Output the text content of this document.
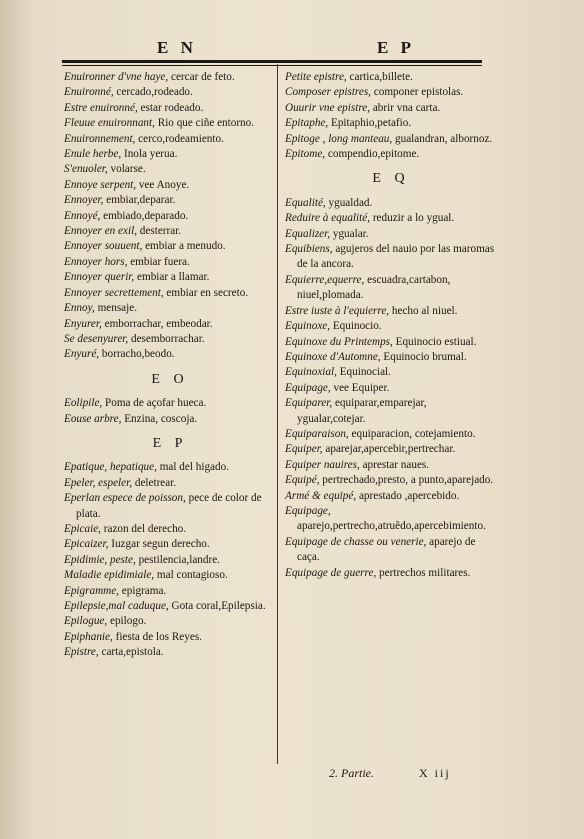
E N	E P
Enuironner d'vne haye, cercar de feto.
Enuironné, cercado,rodeado.
Estre enuironné, estar rodeado.
Fleuue enuironnant, Rio que ciñe entorno.
Enuironnement, cerco,rodeamiento.
Enule herbe, Inola yerua.
S'enuoler, volarse.
Ennoye serpent, vee Anoye.
Ennoyer, embiar,deparar.
Ennoyé, embiado,deparado.
Ennoyer en exil, desterrar.
Ennoyer souuent, embiar a menudo.
Ennoyer hors, embiar fuera.
Ennoyer querir, embiar a llamar.
Ennoyer secrettement, embiar en secreto.
Ennoy, mensaje.
Enyurer, emborrachar, embeodar.
Se desenyurer, desemborrachar.
Enyuré, borracho,beodo.
E O
Eolipile, Poma de açofar hueca.
Eouse arbre, Enzina, coscoja.
E P
Epatique, hepatique, mal del higado.
Epeler, espeler, deletrear.
Eperlan espece de poisson, pece de color de plata.
Epicaie, razon del derecho.
Epicaizer, Iuzgar segun derecho.
Epidimie, peste, pestilencia,landre.
Maladie epidimiale, mal contagioso.
Epigramme, epigrama.
Epilepsie,mal caduque, Gota coral,Epilepsia.
Epilogue, epilogo.
Epiphanie, fiesta de los Reyes.
Epistre, carta,epistola.
Petite epistre, cartica,billete.
Composer epistres, componer epistolas.
Ouurir vne epistre, abrir vna carta.
Epitaphe, Epitaphio,petafio.
Epitoge , long manteau, gualandran, albornoz.
Epitome, compendio,epitome.
E Q
Equalité, ygualdad.
Reduire à equalité, reduzir a lo ygual.
Equalizer, ygualar.
Equibiens, agujeros del nauio por las maromas de la ancora.
Equierre,equerre, escuadra,cartabon, niuel,plomada.
Estre iuste à l'equierre, hecho al niuel.
Equinoxe, Equinocio.
Equinoxe du Printemps, Equinocio estiual.
Equinoxe d'Automne, Equinocio brumal.
Equinoxial, Equinocial.
Equipage, vee Equiper.
Equiparer, equiparar,emparejar, ygualar,cotejar.
Equiparaison, equiparacion, cotejamiento.
Equiper, aparejar,apercebir,pertrechar.
Equiper nauires, aprestar naues.
Equipé, pertrechado,presto, a punto,aparejado.
Armé & equipé, aprestado ,apercebido.
Equipage, aparejo,pertrecho,atruẽdo,apercebimiento.
Equipage de chasse ou venerie, aparejo de caça.
Equipage de guerre, pertrechos militares.
2. Partie.	X iij
